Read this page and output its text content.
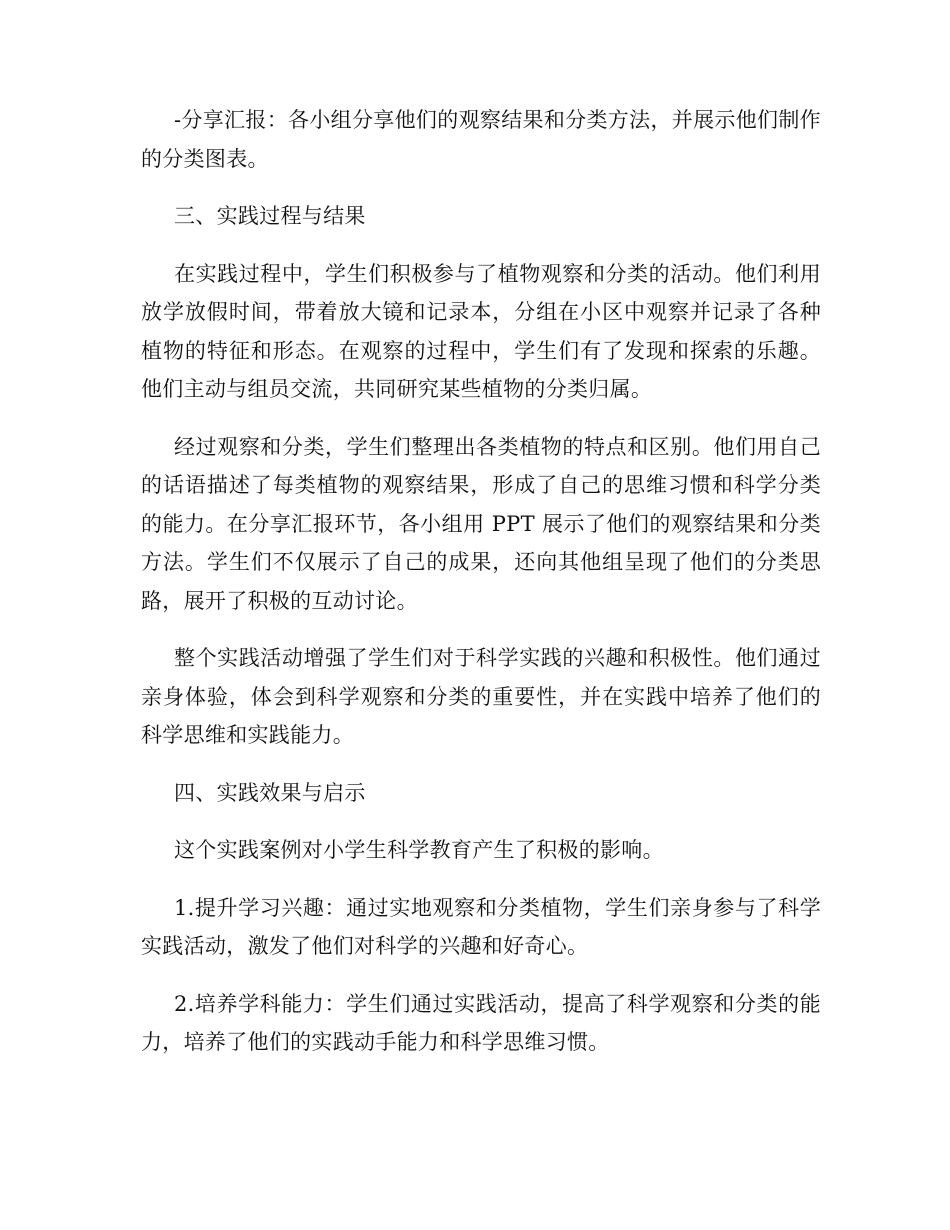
-分享汇报：各小组分享他们的观察结果和分类方法，并展示他们制作的分类图表。

三、实践过程与结果

在实践过程中，学生们积极参与了植物观察和分类的活动。他们利用放学放假时间，带着放大镜和记录本，分组在小区中观察并记录了各种植物的特征和形态。在观察的过程中，学生们有了发现和探索的乐趣。他们主动与组员交流，共同研究某些植物的分类归属。

经过观察和分类，学生们整理出各类植物的特点和区别。他们用自己的话语描述了每类植物的观察结果，形成了自己的思维习惯和科学分类的能力。在分享汇报环节，各小组用 PPT 展示了他们的观察结果和分类方法。学生们不仅展示了自己的成果，还向其他组呈现了他们的分类思路，展开了积极的互动讨论。

整个实践活动增强了学生们对于科学实践的兴趣和积极性。他们通过亲身体验，体会到科学观察和分类的重要性，并在实践中培养了他们的科学思维和实践能力。

四、实践效果与启示

这个实践案例对小学生科学教育产生了积极的影响。

1.提升学习兴趣：通过实地观察和分类植物，学生们亲身参与了科学实践活动，激发了他们对科学的兴趣和好奇心。

2.培养学科能力：学生们通过实践活动，提高了科学观察和分类的能力，培养了他们的实践动手能力和科学思维习惯。
